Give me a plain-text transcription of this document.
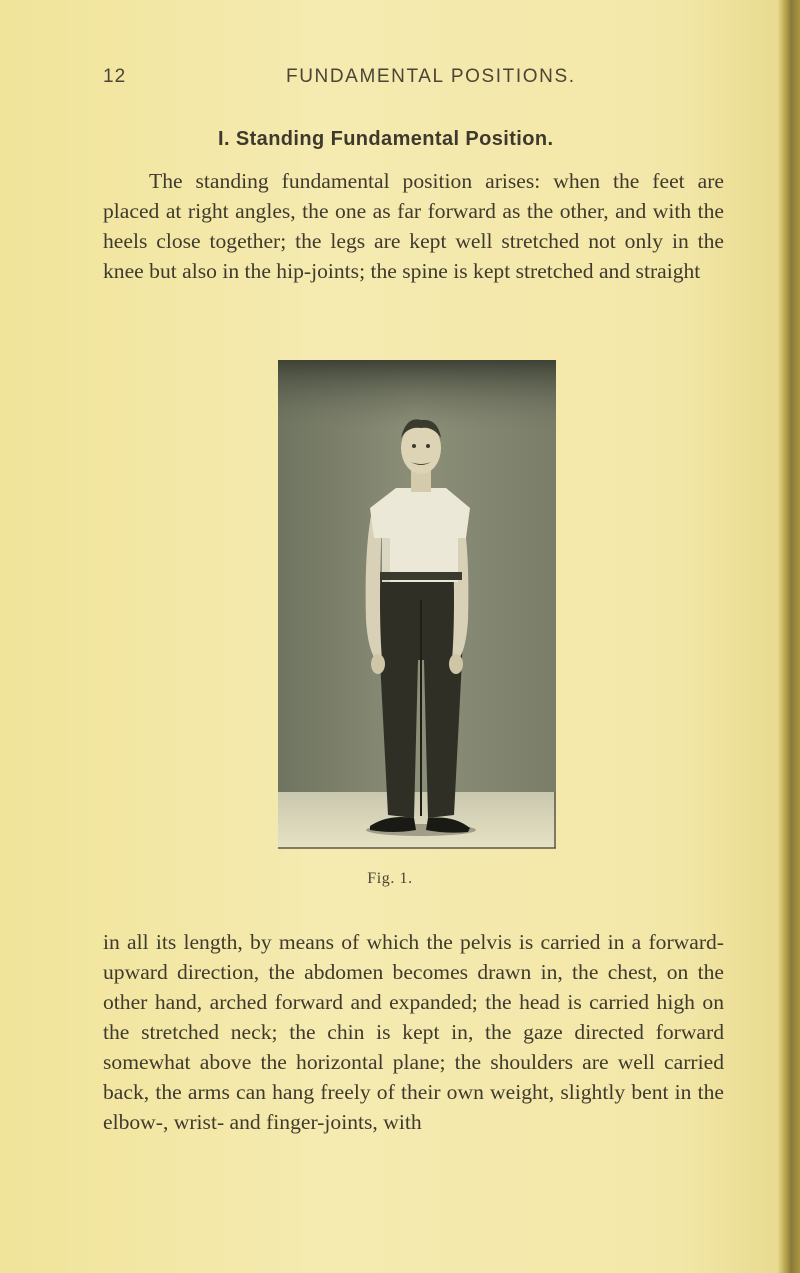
12	FUNDAMENTAL POSITIONS.
I. Standing Fundamental Position.

The standing fundamental position arises: when the feet are placed at right angles, the one as far forward as the other, and with the heels close together; the legs are kept well stretched not only in the knee but also in the hip-joints; the spine is kept stretched and straight

Fig. 1.

in all its length, by means of which the pelvis is carried in a forward-upward direction, the abdomen becomes drawn in, the chest, on the other hand, arched forward and expanded; the head is carried high on the stretched neck; the chin is kept in, the gaze directed forward somewhat above the horizontal plane; the shoulders are well carried back, the arms can hang freely of their own weight, slightly bent in the elbow-, wrist- and finger-joints, with
